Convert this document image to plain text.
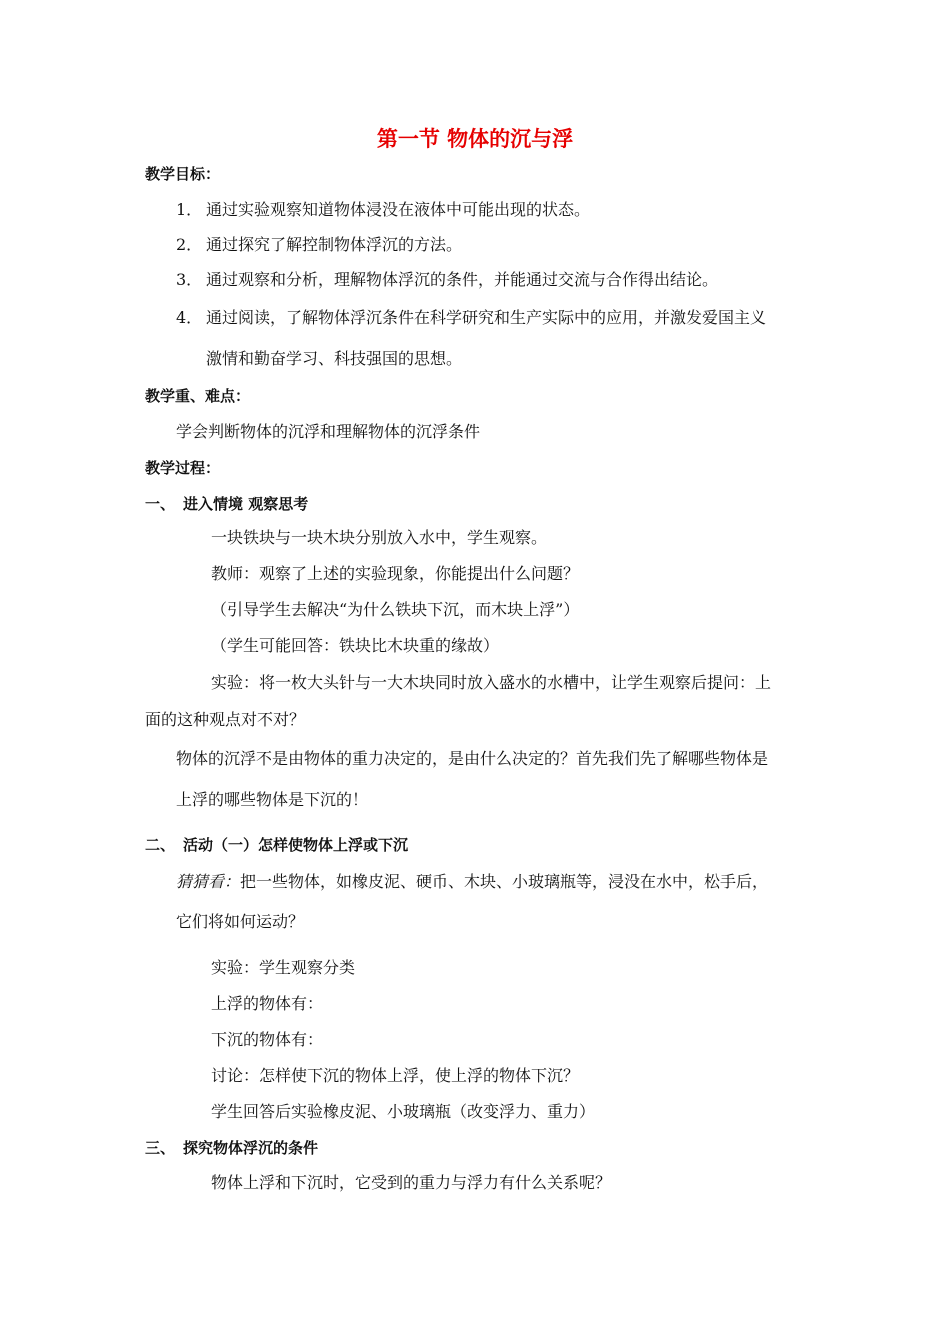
第一节 物体的沉与浮
教学目标：
1． 通过实验观察知道物体浸没在液体中可能出现的状态。
2． 通过探究了解控制物体浮沉的方法。
3． 通过观察和分析，理解物体浮沉的条件，并能通过交流与合作得出结论。
4． 通过阅读，了解物体浮沉条件在科学研究和生产实际中的应用，并激发爱国主义
激情和勤奋学习、科技强国的思想。
教学重、难点：
学会判断物体的沉浮和理解物体的沉浮条件
教学过程：
一、 进入情境 观察思考
一块铁块与一块木块分别放入水中，学生观察。
教师：观察了上述的实验现象，你能提出什么问题？
（引导学生去解决“为什么铁块下沉，而木块上浮”）
（学生可能回答：铁块比木块重的缘故）
实验：将一枚大头针与一大木块同时放入盛水的水槽中，让学生观察后提问：上
面的这种观点对不对？
物体的沉浮不是由物体的重力决定的，是由什么决定的？首先我们先了解哪些物体是
上浮的哪些物体是下沉的！
二、 活动（一）怎样使物体上浮或下沉
猜猜看：把一些物体，如橡皮泥、硬币、木块、小玻璃瓶等，浸没在水中，松手后，
它们将如何运动？
实验：学生观察分类
上浮的物体有：
下沉的物体有：
讨论：怎样使下沉的物体上浮，使上浮的物体下沉？
学生回答后实验橡皮泥、小玻璃瓶（改变浮力、重力）
三、 探究物体浮沉的条件
物体上浮和下沉时，它受到的重力与浮力有什么关系呢？
